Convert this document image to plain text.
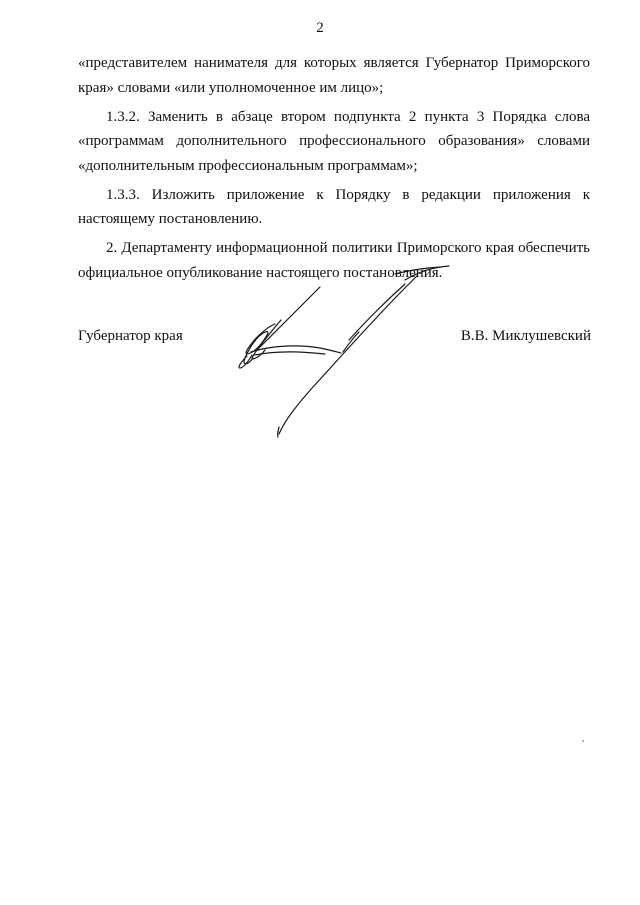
2

«представителем нанимателя для которых является Губернатор Приморского края» словами «или уполномоченное им лицо»;

1.3.2. Заменить в абзаце втором подпункта 2 пункта 3 Порядка слова «программам дополнительного профессионального образования» словами «дополнительным профессиональным программам»;

1.3.3. Изложить приложение к Порядку в редакции приложения к настоящему постановлению.

2. Департаменту информационной политики Приморского края обеспечить официальное опубликование настоящего постановления.

Губернатор края	В.В. Миклушевский
